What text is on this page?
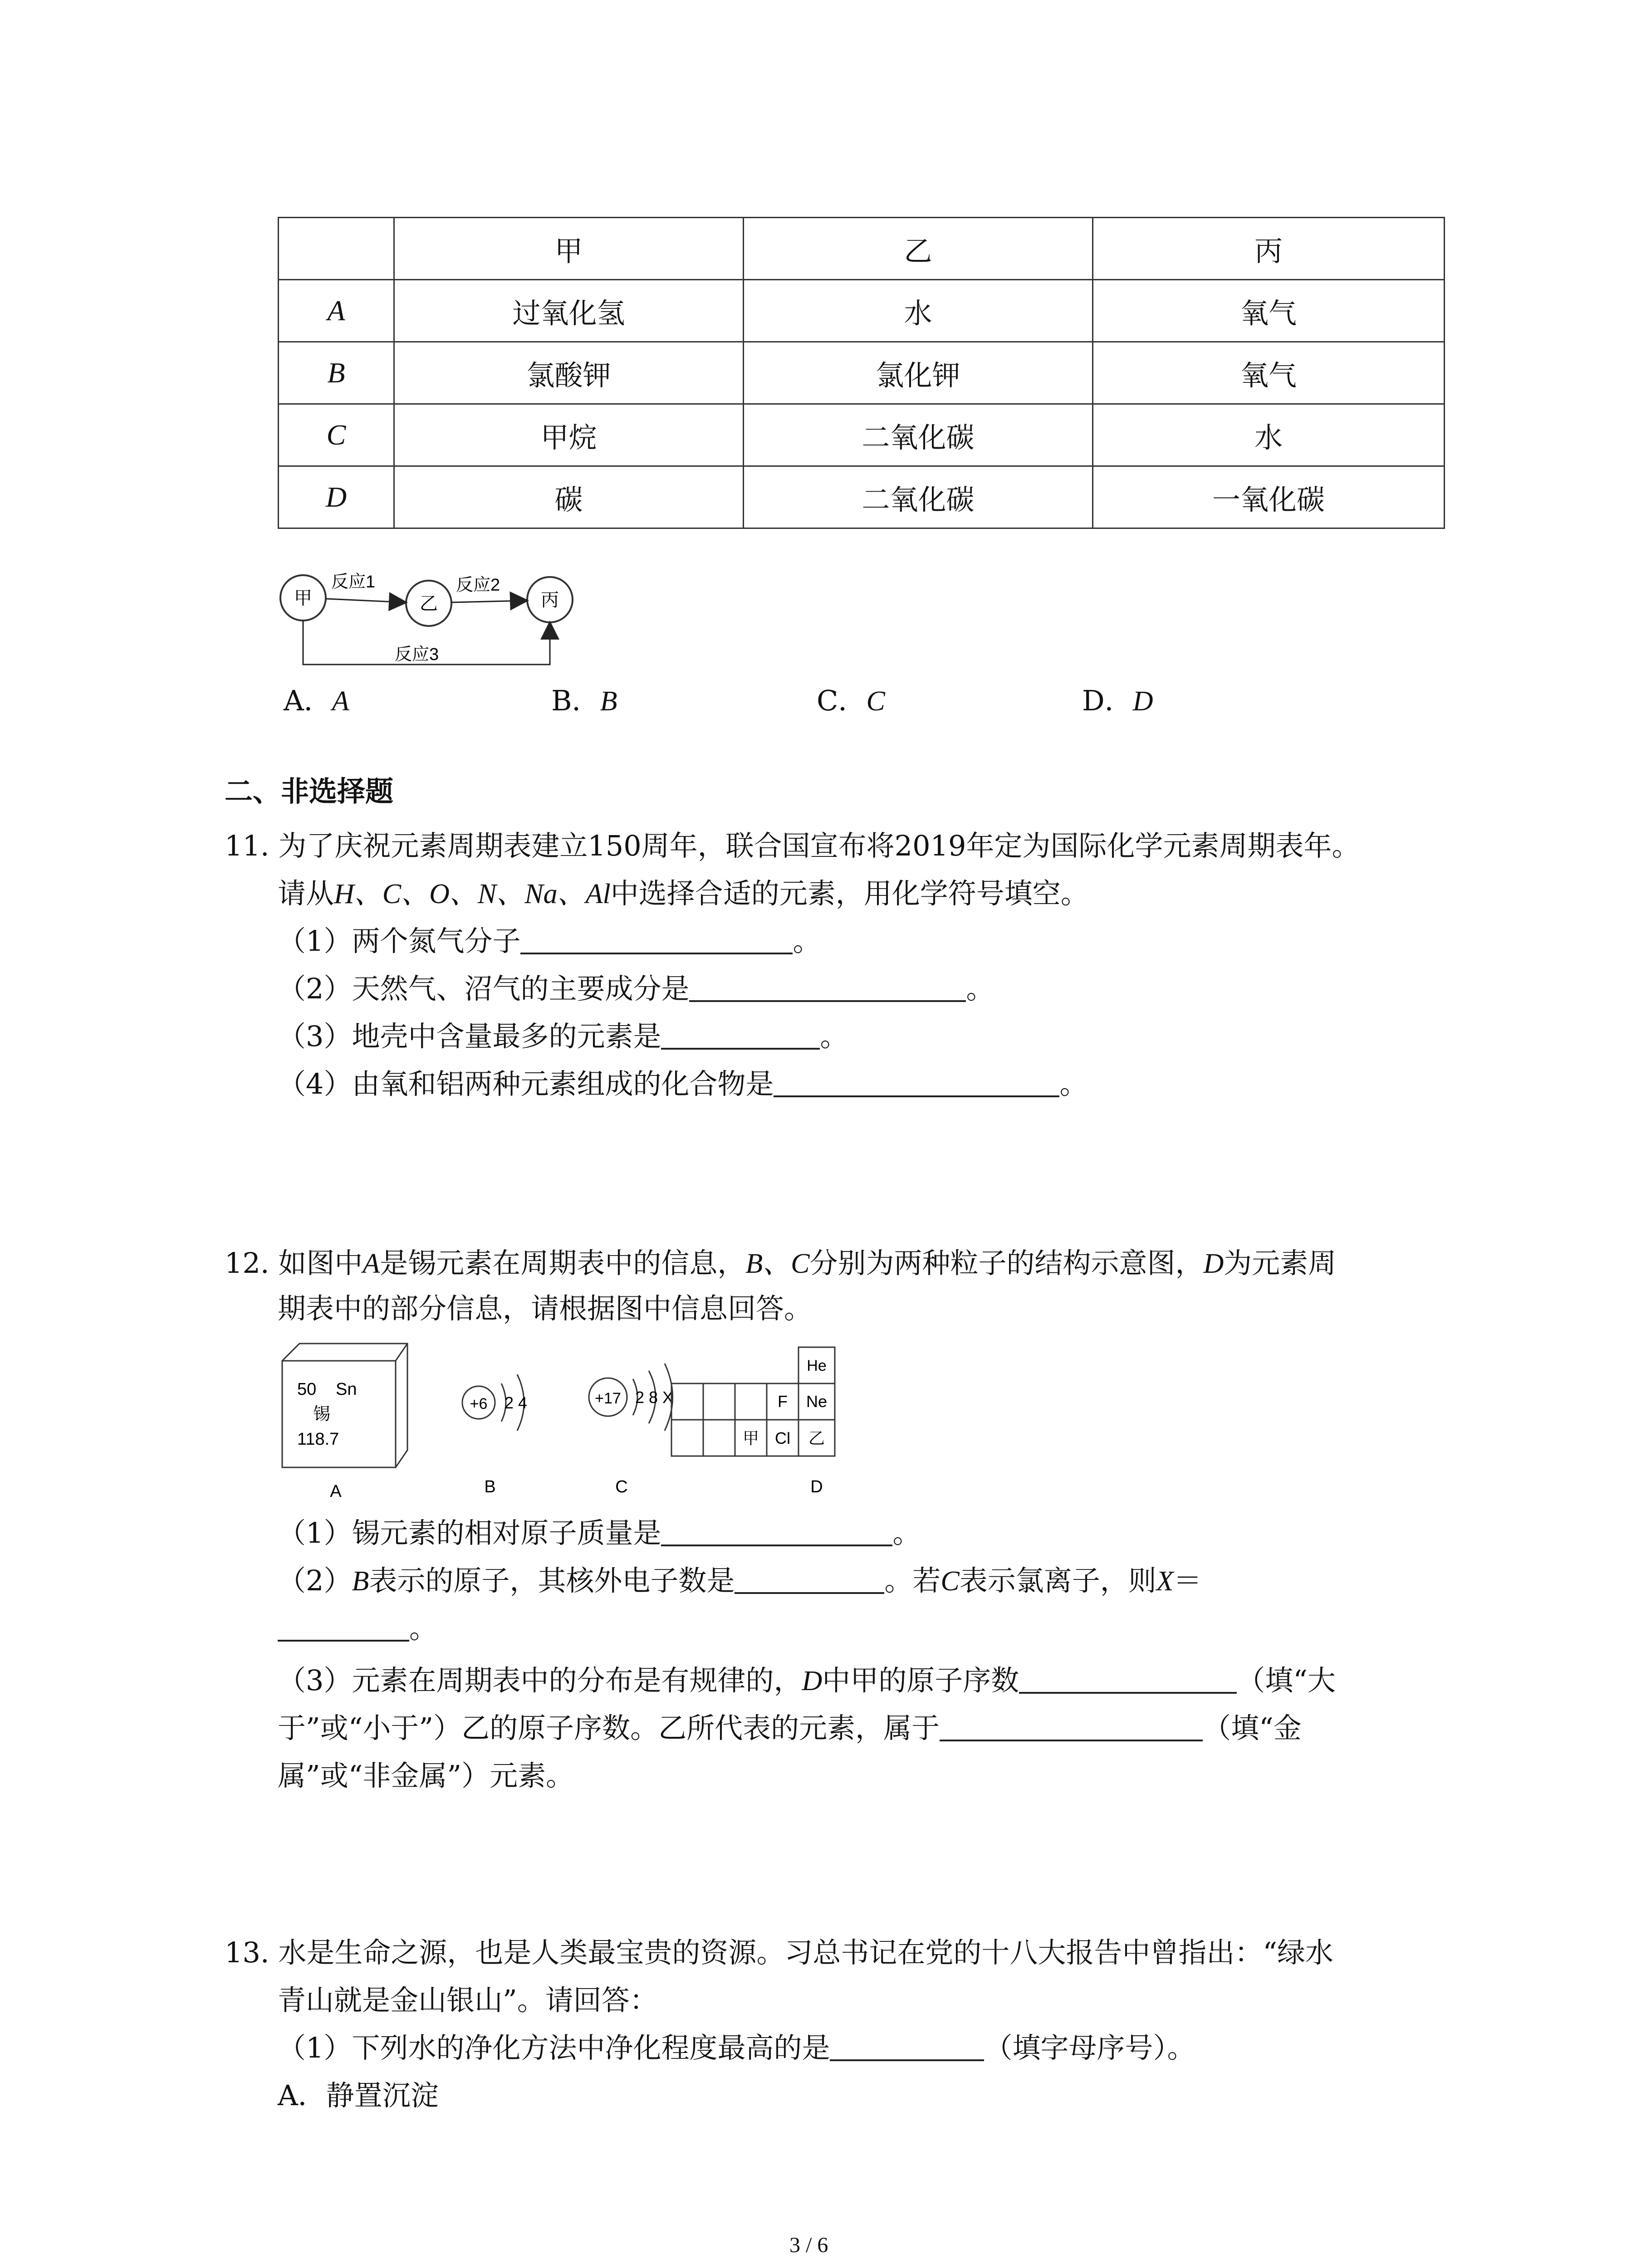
	甲	乙	丙
A	过氧化氢	水	氧气
B	氯酸钾	氯化钾	氧气
C	甲烷	二氧化碳	水
D	碳	二氧化碳	一氧化碳
甲	乙	丙
反应1	反应2
反应3
A．A	B．B	C．C	D．D
二、非选择题
11. 为了庆祝元素周期表建立150周年，联合国宣布将2019年定为国际化学元素周期表年。
请从H、C、O、N、Na、Al中选择合适的元素，用化学符号填空。
（1）两个氮气分子	。
（2）天然气、沼气的主要成分是	。
（3）地壳中含量最多的元素是	。
（4）由氧和铝两种元素组成的化合物是	。
12. 如图中A是锡元素在周期表中的信息，B、C分别为两种粒子的结构示意图，D为元素周
期表中的部分信息，请根据图中信息回答。
50 Sn
锡
118.7
A
+6 2 4
B
+17 2 8 X
C
He
F Ne
甲 Cl 乙
D
（1）锡元素的相对原子质量是	。
（2）B表示的原子，其核外电子数是	。若C表示氯离子，则X＝
。
（3）元素在周期表中的分布是有规律的，D中甲的原子序数	（填“大
于”或“小于”）乙的原子序数。乙所代表的元素，属于	（填“金
属”或“非金属”）元素。
13. 水是生命之源，也是人类最宝贵的资源。习总书记在党的十八大报告中曾指出：“绿水
青山就是金山银山”。请回答：
（1）下列水的净化方法中净化程度最高的是	（填字母序号）。
A．静置沉淀
3 / 6
